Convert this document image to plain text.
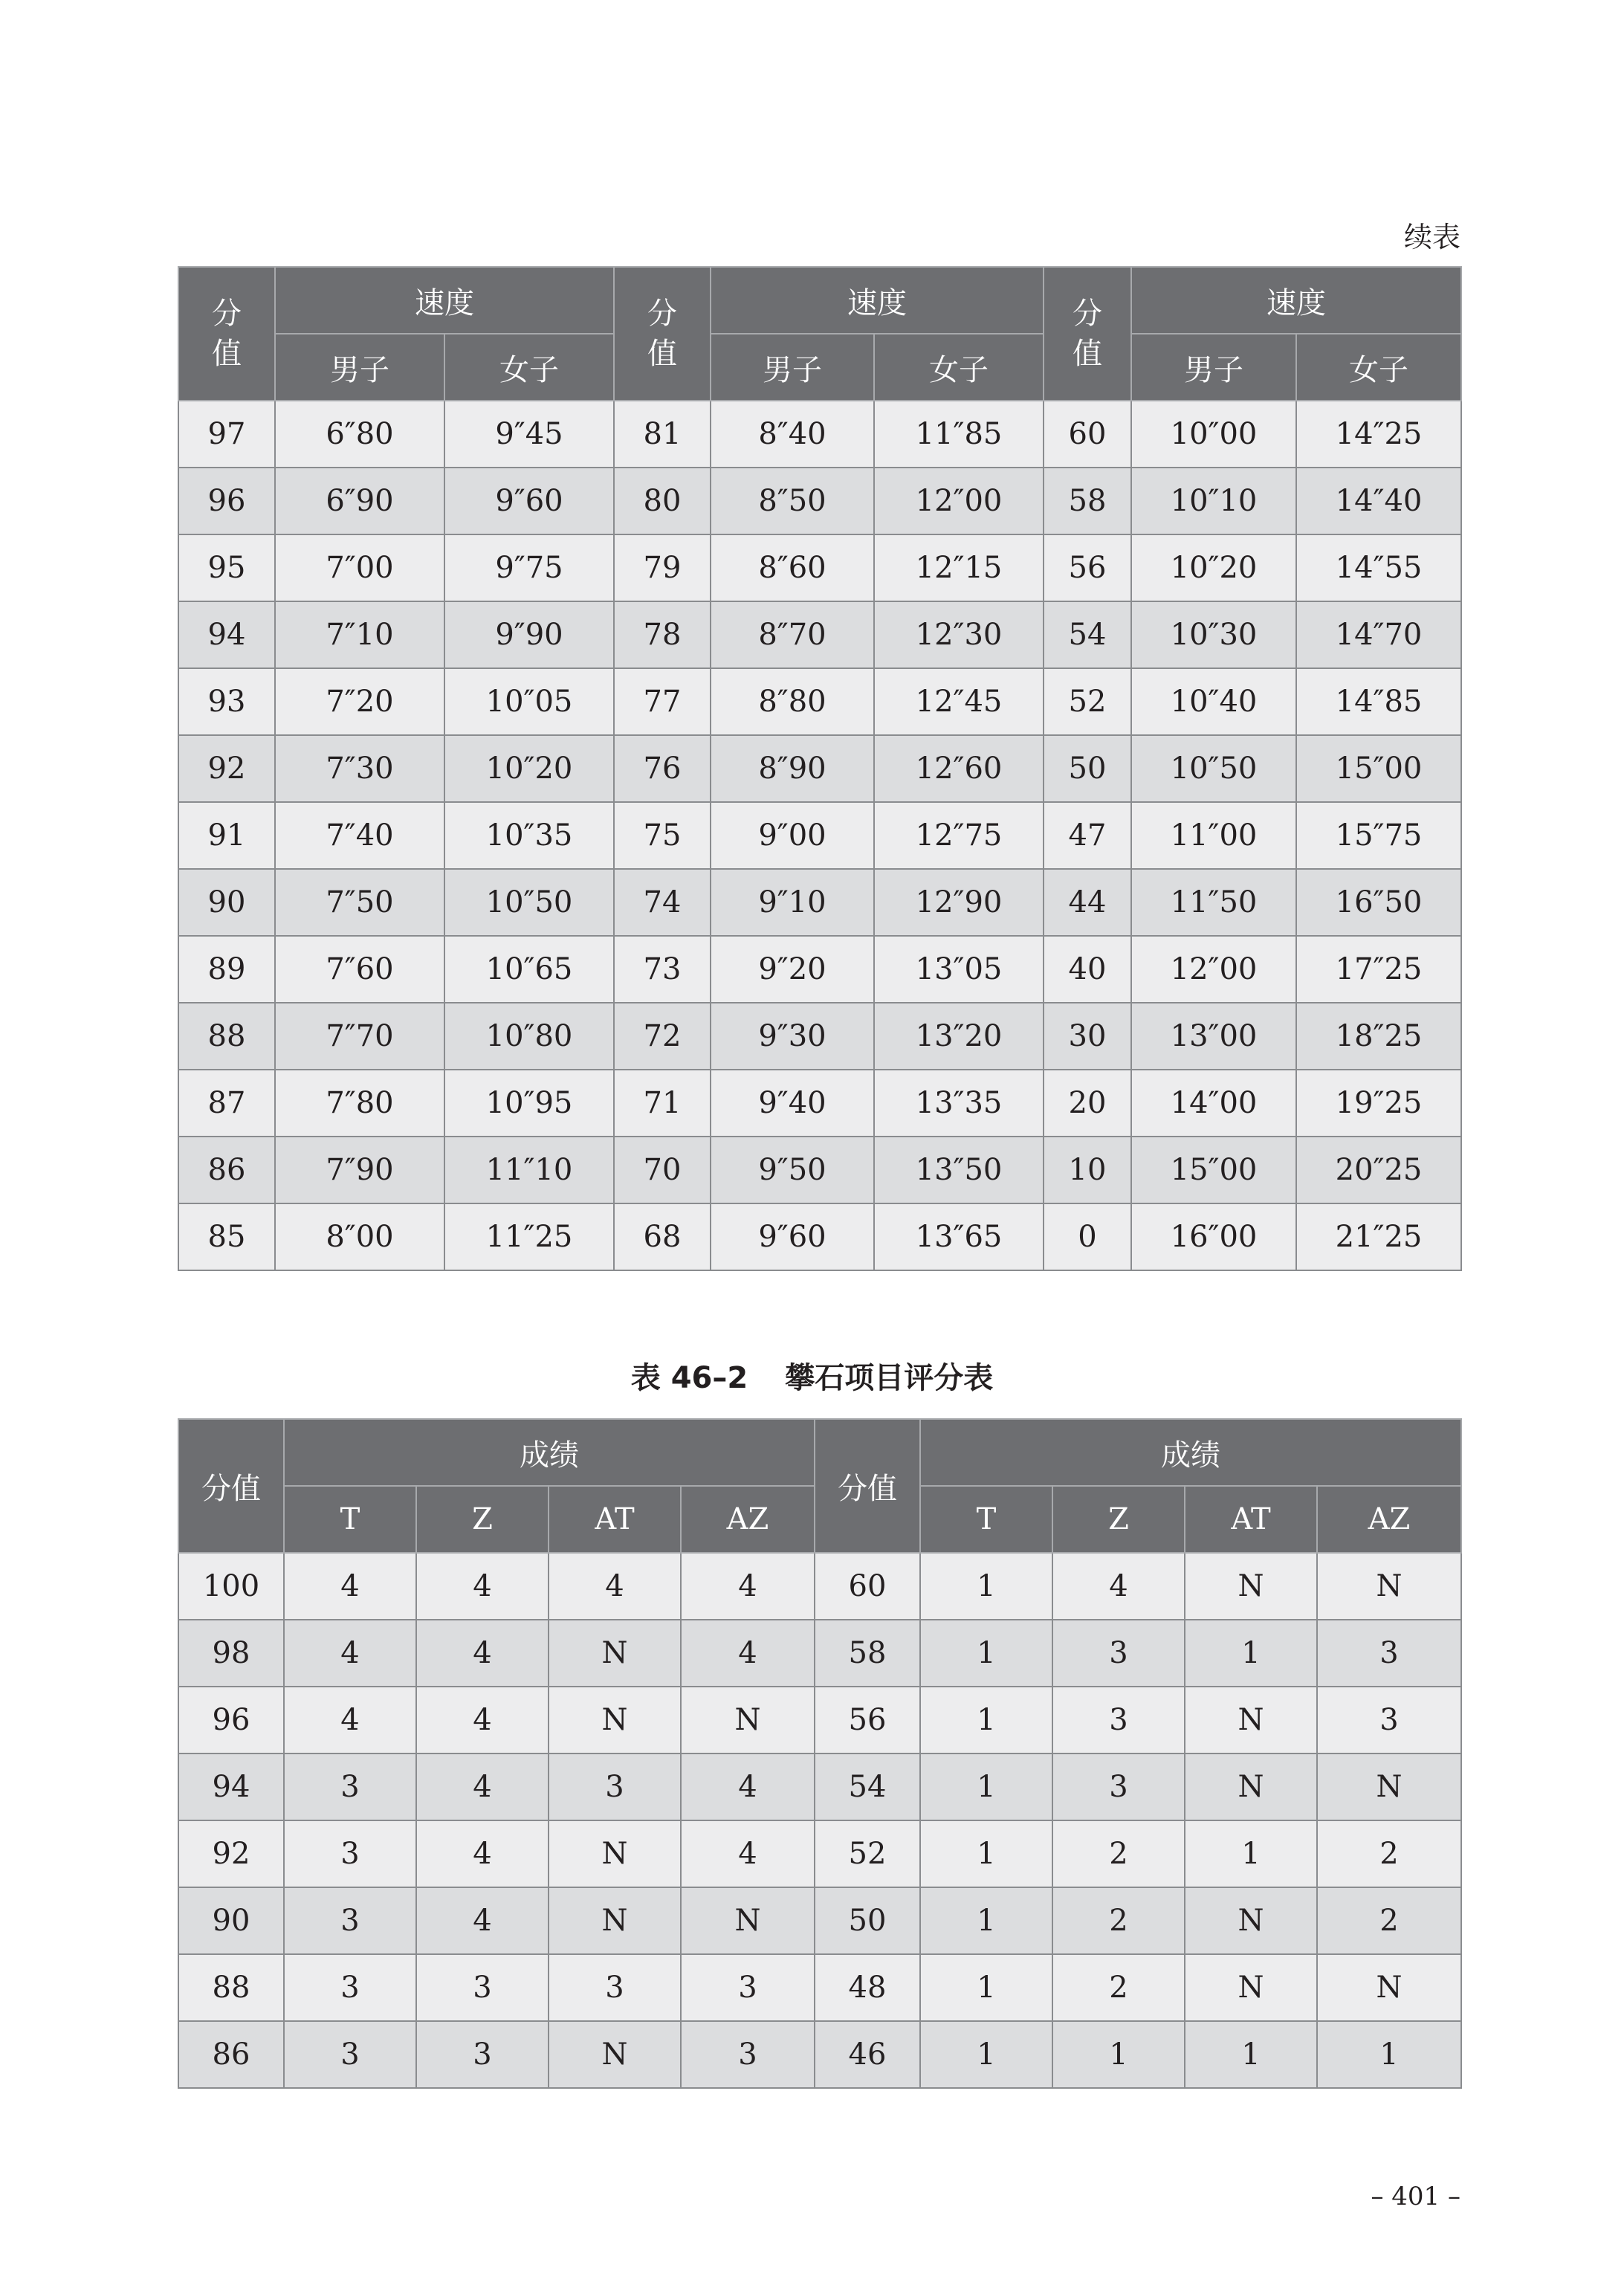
续表
分
值	速度		分
值	速度		分
值	速度	
	男子	女子		男子	女子		男子	女子
97	6″80	9″45	81	8″40	11″85	60	10″00	14″25
96	6″90	9″60	80	8″50	12″00	58	10″10	14″40
95	7″00	9″75	79	8″60	12″15	56	10″20	14″55
94	7″10	9″90	78	8″70	12″30	54	10″30	14″70
93	7″20	10″05	77	8″80	12″45	52	10″40	14″85
92	7″30	10″20	76	8″90	12″60	50	10″50	15″00
91	7″40	10″35	75	9″00	12″75	47	11″00	15″75
90	7″50	10″50	74	9″10	12″90	44	11″50	16″50
89	7″60	10″65	73	9″20	13″05	40	12″00	17″25
88	7″70	10″80	72	9″30	13″20	30	13″00	18″25
87	7″80	10″95	71	9″40	13″35	20	14″00	19″25
86	7″90	11″10	70	9″50	13″50	10	15″00	20″25
85	8″00	11″25	68	9″60	13″65	0	16″00	21″25
表 46–2 攀石项目评分表
分值	成绩				分值	成绩			
	T	Z	AT	AZ		T	Z	AT	AZ
100	4	4	4	4	60	1	4	N	N
98	4	4	N	4	58	1	3	1	3
96	4	4	N	N	56	1	3	N	3
94	3	4	3	4	54	1	3	N	N
92	3	4	N	4	52	1	2	1	2
90	3	4	N	N	50	1	2	N	2
88	3	3	3	3	48	1	2	N	N
86	3	3	N	3	46	1	1	1	1
– 401 –
